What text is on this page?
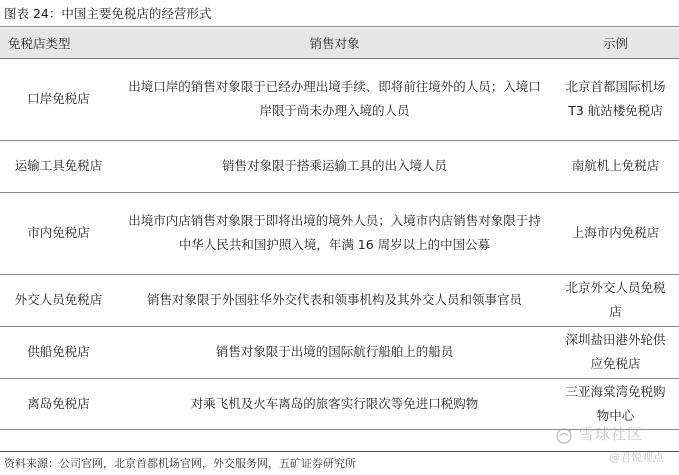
图表 24：中国主要免税店的经营形式
免税店类型	销售对象	示例
口岸免税店	出境口岸的销售对象限于已经办理出境手续、即将前往境外的人员；入境口岸限于尚未办理入境的人员	北京首都国际机场 T3 航站楼免税店
运输工具免税店	销售对象限于搭乘运输工具的出入境人员	南航机上免税店
市内免税店	出境市内店销售对象限于即将出境的境外人员；入境市内店销售对象限于持中华人民共和国护照入境，年满 16 周岁以上的中国公募	上海市内免税店
外交人员免税店	销售对象限于外国驻华外交代表和领事机构及其外交人员和领事官员	北京外交人员免税店
供船免税店	销售对象限于出境的国际航行船舶上的船员	深圳盐田港外轮供应免税店
离岛免税店	对乘飞机及火车离岛的旅客实行限次等免进口税购物	三亚海棠湾免税购物中心
资料来源：公司官网，北京首都机场官网，外交服务网，五矿证券研究所
雪球社区
@君悦观点
